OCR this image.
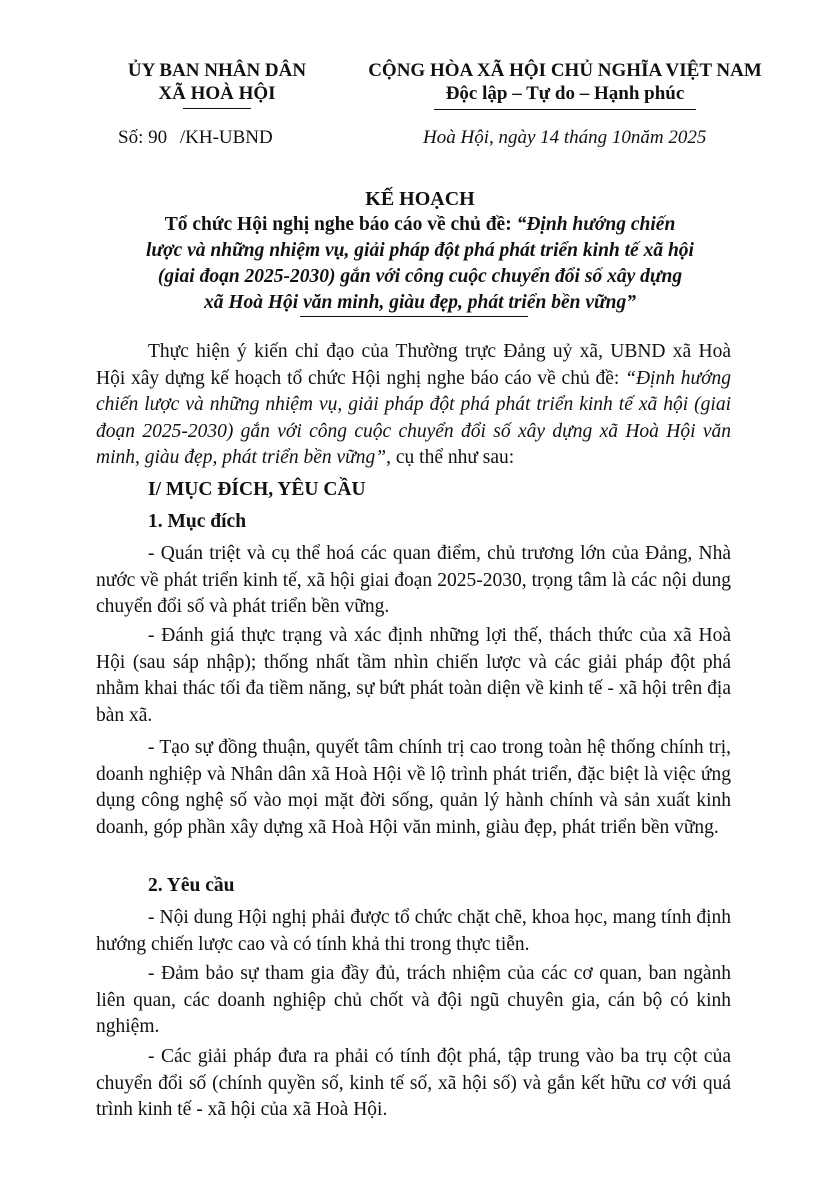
ỦY BAN NHÂN DÂN
XÃ HOÀ HỘI
CỘNG HÒA XÃ HỘI CHỦ NGHĨA VIỆT NAM
Độc lập – Tự do – Hạnh phúc
Số: 90 /KH-UBND	Hoà Hội, ngày 14 tháng 10năm 2025
KẾ HOẠCH
Tổ chức Hội nghị nghe báo cáo về chủ đề: “Định hướng chiến
lược và những nhiệm vụ, giải pháp đột phá phát triển kinh tế xã hội
(giai đoạn 2025-2030) gắn với công cuộc chuyển đổi số xây dựng
xã Hoà Hội văn minh, giàu đẹp, phát triển bền vững”

Thực hiện ý kiến chỉ đạo của Thường trực Đảng uỷ xã, UBND xã Hoà Hội xây dựng kế hoạch tổ chức Hội nghị nghe báo cáo về chủ đề: “Định hướng chiến lược và những nhiệm vụ, giải pháp đột phá phát triển kinh tế xã hội (giai đoạn 2025-2030) gắn với công cuộc chuyển đổi số xây dựng xã Hoà Hội văn minh, giàu đẹp, phát triển bền vững”, cụ thể như sau:

I/ MỤC ĐÍCH, YÊU CẦU
1. Mục đích

- Quán triệt và cụ thể hoá các quan điểm, chủ trương lớn của Đảng, Nhà nước về phát triển kinh tế, xã hội giai đoạn 2025-2030, trọng tâm là các nội dung chuyển đổi số và phát triển bền vững.

- Đánh giá thực trạng và xác định những lợi thế, thách thức của xã Hoà Hội (sau sáp nhập); thống nhất tầm nhìn chiến lược và các giải pháp đột phá nhằm khai thác tối đa tiềm năng, sự bứt phát toàn diện về kinh tế - xã hội trên địa bàn xã.

- Tạo sự đồng thuận, quyết tâm chính trị cao trong toàn hệ thống chính trị, doanh nghiệp và Nhân dân xã Hoà Hội về lộ trình phát triển, đặc biệt là việc ứng dụng công nghệ số vào mọi mặt đời sống, quản lý hành chính và sản xuất kinh doanh, góp phần xây dựng xã Hoà Hội văn minh, giàu đẹp, phát triển bền vững.

2. Yêu cầu

- Nội dung Hội nghị phải được tổ chức chặt chẽ, khoa học, mang tính định hướng chiến lược cao và có tính khả thi trong thực tiễn.

- Đảm bảo sự tham gia đầy đủ, trách nhiệm của các cơ quan, ban ngành liên quan, các doanh nghiệp chủ chốt và đội ngũ chuyên gia, cán bộ có kinh nghiệm.

- Các giải pháp đưa ra phải có tính đột phá, tập trung vào ba trụ cột của chuyển đổi số (chính quyền số, kinh tế số, xã hội số) và gắn kết hữu cơ với quá trình kinh tế - xã hội của xã Hoà Hội.
